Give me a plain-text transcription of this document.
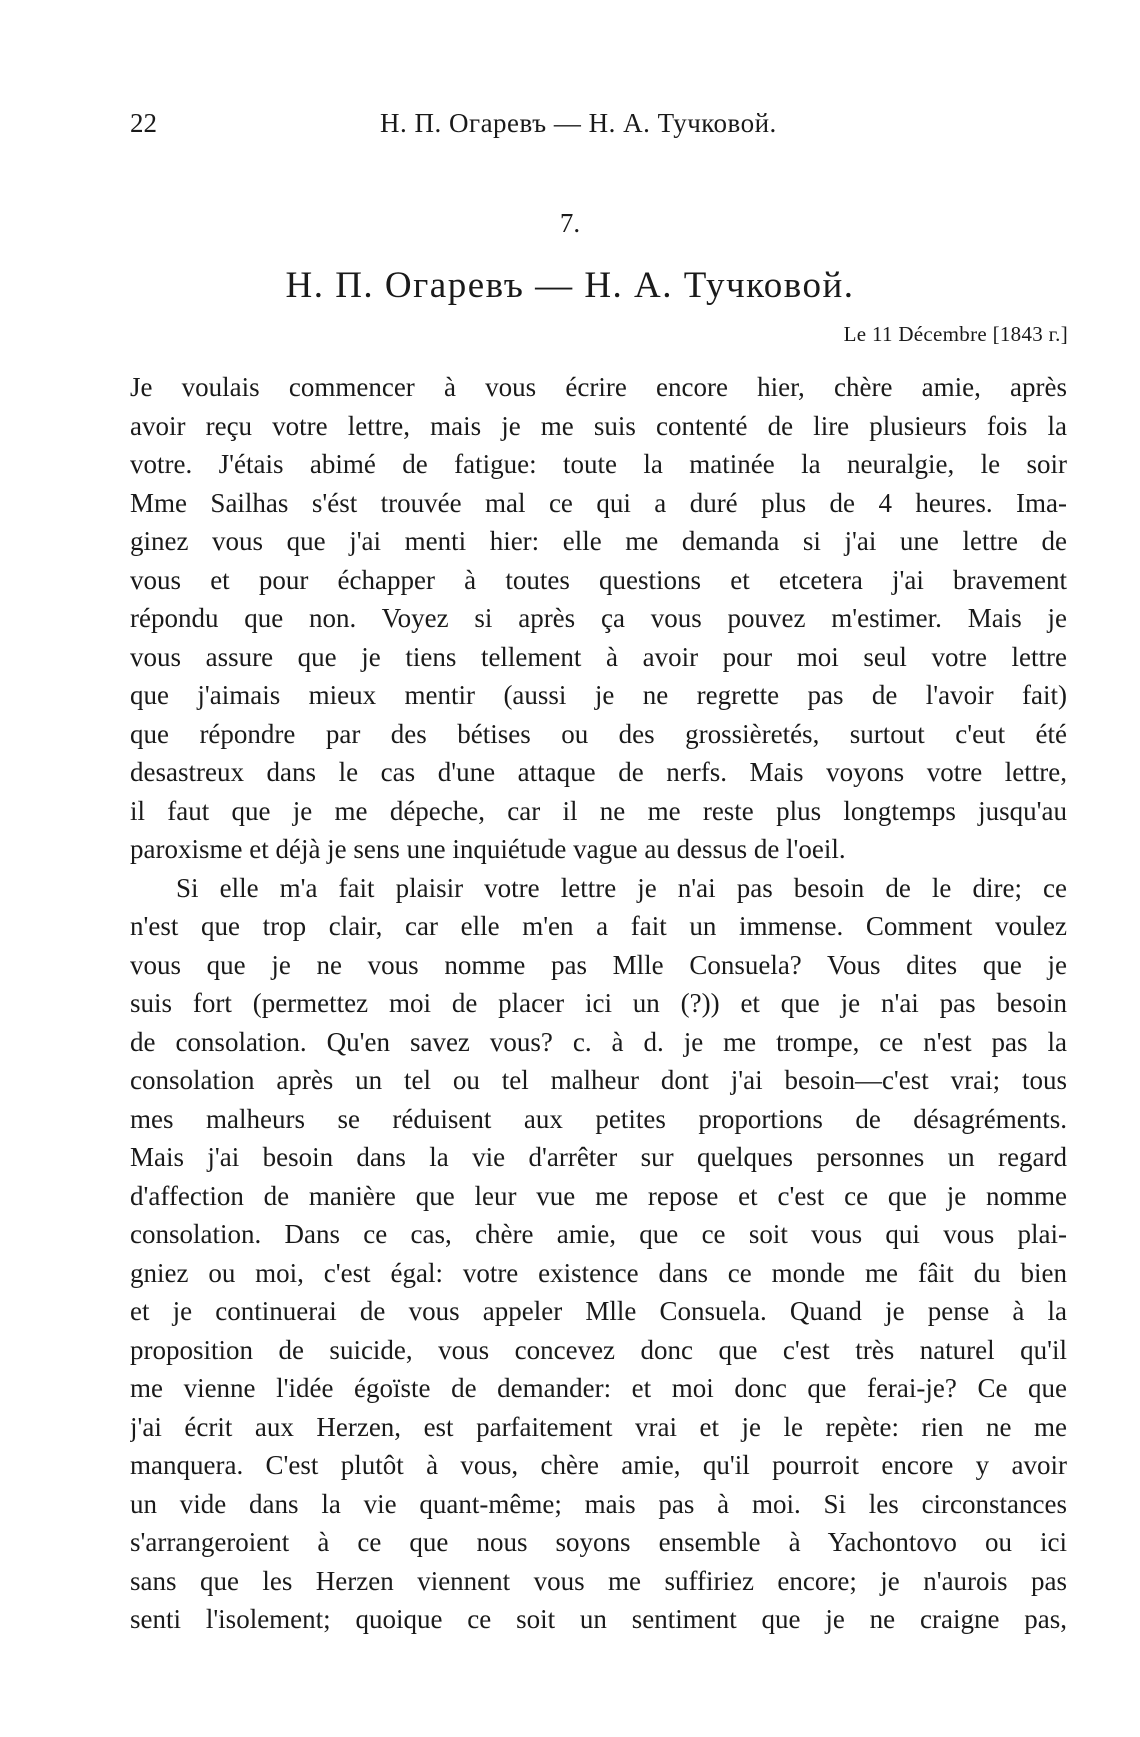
22	Н. П. Огаревъ — Н. А. Тучковой.
7.
Н. П. Огаревъ — Н. А. Тучковой.
Le 11 Décembre [1843 г.]
Je voulais commencer à vous écrire encore hier, chère amie, après
avoir reçu votre lettre, mais je me suis contenté de lire plusieurs fois la
votre. J'étais abimé de fatigue: toute la matinée la neuralgie, le soir
Mme Sailhas s'ést trouvée mal ce qui a duré plus de 4 heures. Ima-
ginez vous que j'ai menti hier: elle me demanda si j'ai une lettre de
vous et pour échapper à toutes questions et etcetera j'ai bravement
répondu que non. Voyez si après ça vous pouvez m'estimer. Mais je
vous assure que je tiens tellement à avoir pour moi seul votre lettre
que j'aimais mieux mentir (aussi je ne regrette pas de l'avoir fait)
que répondre par des bétises ou des grossièretés, surtout c'eut été
desastreux dans le cas d'une attaque de nerfs. Mais voyons votre lettre,
il faut que je me dépeche, car il ne me reste plus longtemps jusqu'au
paroxisme et déjà je sens une inquiétude vague au dessus de l'oeil.
Si elle m'a fait plaisir votre lettre je n'ai pas besoin de le dire; ce
n'est que trop clair, car elle m'en a fait un immense. Comment voulez
vous que je ne vous nomme pas Mlle Consuela? Vous dites que je
suis fort (permettez moi de placer ici un (?)) et que je n'ai pas besoin
de consolation. Qu'en savez vous? c. à d. je me trompe, ce n'est pas la
consolation après un tel ou tel malheur dont j'ai besoin—c'est vrai; tous
mes malheurs se réduisent aux petites proportions de désagréments.
Mais j'ai besoin dans la vie d'arrêter sur quelques personnes un regard
d'affection de manière que leur vue me repose et c'est ce que je nomme
consolation. Dans ce cas, chère amie, que ce soit vous qui vous plai-
gniez ou moi, c'est égal: votre existence dans ce monde me fâit du bien
et je continuerai de vous appeler Mlle Consuela. Quand je pense à la
proposition de suicide, vous concevez donc que c'est très naturel qu'il
me vienne l'idée égoïste de demander: et moi donc que ferai-je? Ce que
j'ai écrit aux Herzen, est parfaitement vrai et je le repète: rien ne me
manquera. C'est plutôt à vous, chère amie, qu'il pourroit encore y avoir
un vide dans la vie quant-même; mais pas à moi. Si les circonstances
s'arrangeroient à ce que nous soyons ensemble à Yachontovo ou ici
sans que les Herzen viennent vous me suffiriez encore; je n'aurois pas
senti l'isolement; quoique ce soit un sentiment que je ne craigne pas,
